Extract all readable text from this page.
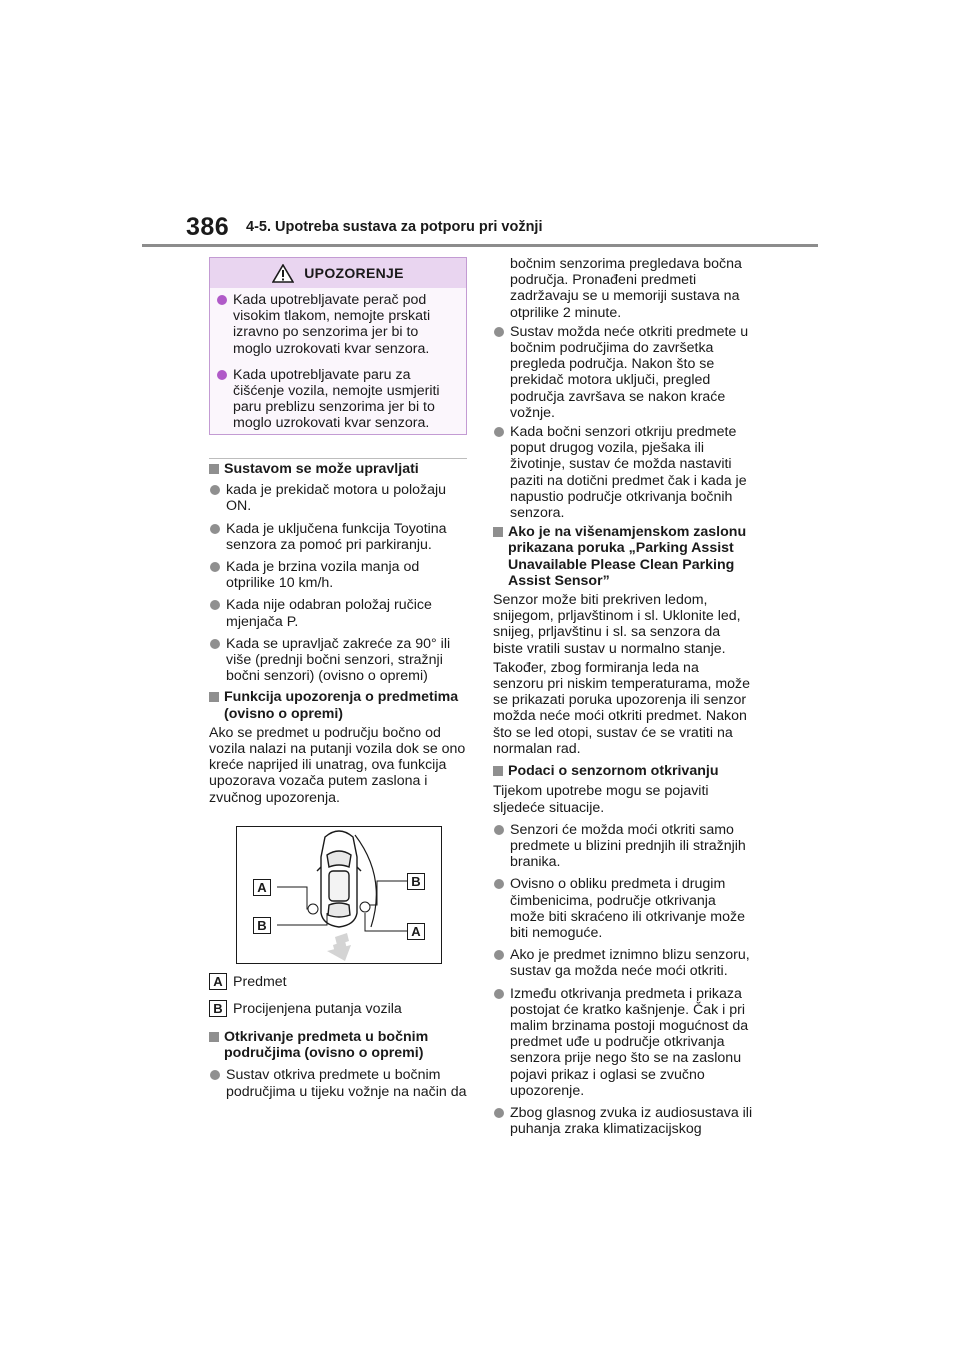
386 4-5. Upotreba sustava za potporu pri vožnji
UPOZORENJE
Kada upotrebljavate perač pod visokim tlakom, nemojte prskati izravno po senzorima jer bi to moglo uzrokovati kvar senzora.
Kada upotrebljavate paru za čišćenje vozila, nemojte usmjeriti paru preblizu senzorima jer bi to moglo uzrokovati kvar senzora.
Sustavom se može upravljati
kada je prekidač motora u položaju ON.
Kada je uključena funkcija Toyotina senzora za pomoć pri parkiranju.
Kada je brzina vozila manja od otprilike 10 km/h.
Kada nije odabran položaj ručice mjenjača P.
Kada se upravljač zakreće za 90° ili više (prednji bočni senzori, stražnji bočni senzori) (ovisno o opremi)
Funkcija upozorenja o predmetima (ovisno o opremi)
Ako se predmet u području bočno od vozila nalazi na putanji vozila dok se ono kreće naprijed ili unatrag, ova funkcija upozorava vozača putem zaslona i zvučnog upozorenja.
A
B
B
A
A Predmet
B Procijenjena putanja vozila
Otkrivanje predmeta u bočnim područjima (ovisno o opremi)
Sustav otkriva predmete u bočnim područjima u tijeku vožnje na način da
bočnim senzorima pregledava bočna područja. Pronađeni predmeti zadržavaju se u memoriji sustava na otprilike 2 minute.
Sustav možda neće otkriti predmete u bočnim područjima do završetka pregleda područja. Nakon što se prekidač motora uključi, pregled područja završava se nakon kraće vožnje.
Kada bočni senzori otkriju predmete poput drugog vozila, pješaka ili životinje, sustav će možda nastaviti paziti na dotični predmet čak i kada je napustio područje otkrivanja bočnih senzora.
Ako je na višenamjenskom zaslonu prikazana poruka „Parking Assist Unavailable Please Clean Parking Assist Sensor”
Senzor može biti prekriven ledom, snijegom, prljavštinom i sl. Uklonite led, snijeg, prljavštinu i sl. sa senzora da biste vratili sustav u normalno stanje.
Također, zbog formiranja leda na senzoru pri niskim temperaturama, može se prikazati poruka upozorenja ili senzor možda neće moći otkriti predmet. Nakon što se led otopi, sustav će se vratiti na normalan rad.
Podaci o senzornom otkrivanju
Tijekom upotrebe mogu se pojaviti sljedeće situacije.
Senzori će možda moći otkriti samo predmete u blizini prednjih ili stražnjih branika.
Ovisno o obliku predmeta i drugim čimbenicima, područje otkrivanja može biti skraćeno ili otkrivanje može biti nemoguće.
Ako je predmet iznimno blizu senzoru, sustav ga možda neće moći otkriti.
Između otkrivanja predmeta i prikaza postojat će kratko kašnjenje. Čak i pri malim brzinama postoji mogućnost da predmet uđe u područje otkrivanja senzora prije nego što se na zaslonu pojavi prikaz i oglasi se zvučno upozorenje.
Zbog glasnog zvuka iz audiosustava ili puhanja zraka klimatizacijskog
